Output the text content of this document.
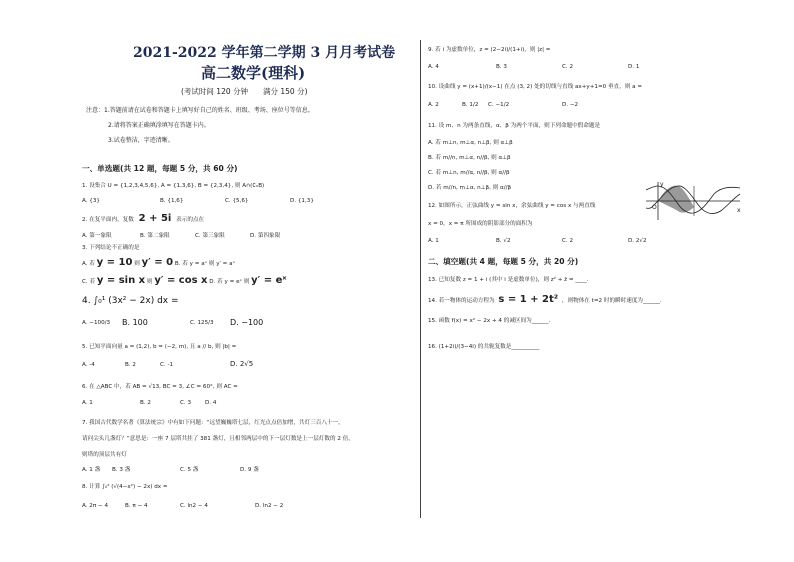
2021-2022 学年第二学期 3 月月考试卷
高二数学(理科)
(考试时间 120 分钟　　满分 150 分)
注意：1.答题前请在试卷和答题卡上填写好自己的姓名、班级、考场、座位号等信息。
2.请将答案正确填涂填写在答题卡内。
3.试卷整洁，字迹清晰。
一、单选题(共 12 题，每题 5 分，共 60 分)
1. 设集合 U = {1,2,3,4,5,6}, A = {1,3,6}, B = {2,3,4}, 则 A∩(∁ᵤB)
A. {3}	B. {1,6}	C. {5,6}	D. {1,3}
2. 在复平面内，复数 2 + 5i 表示的点在
A. 第一象限	B. 第二象限	C. 第三象限	D. 第四象限
3. 下列结论不正确的是
A. 若 y = 10 则 y′ = 0 B. 若 y = aˣ 则 y′ = aˣ
C. 若 y = sin x 则 y′ = cos x D. 若 y = eˣ 则 y′ = eˣ
4. ∫₀¹ (3x² − 2x) dx =
A. −100/3 B. 100	C. 125/3 D. −100
5. 已知平面向量 a = (1,2), b = (−2, m), 且 a // b, 则 |b| =
A. -4	B. 2	C. -1	D. 2√5
6. 在 △ABC 中，若 AB = √13, BC = 3, ∠C = 60°, 则 AC =
A. 1	B. 2	C. 3 D. 4
7. 我国古代数学名著《算法统宗》中有如下问题：“远望巍巍塔七层，红光点点倍加增，共灯三百八十一，
请问尖头几盏灯？”意思是：一座 7 层塔共挂了 381 盏灯，且相邻两层中的下一层灯数是上一层灯数的 2 倍，
则塔的顶层共有灯
A. 1 盏 B. 3 盏	C. 5 盏	D. 9 盏
8. 计算 ∫₀² (√(4−x²) − 2x) dx =
A. 2π − 4	B. π − 4	C. ln2 − 4	D. ln2 − 2
9. 若 i 为虚数单位，z = (2−2i)/(1+i)，则 |z| =
A. 4	B. 3	C. 2	D. 1
10. 设曲线 y = (x+1)/(x−1) 在点 (3, 2) 处的切线与直线 ax+y+1=0 垂直，则 a =
A. 2	B. 1/2 C. −1/2	D. −2
11. 设 m、n 为两条直线，α、β 为两个平面，则下列命题中假命题是
A. 若 m⊥n, m⊥α, n⊥β, 则 α⊥β
B. 若 m//n, m⊥α, n//β, 则 α⊥β
C. 若 m⊥n, m//α, n//β, 则 α//β
D. 若 m//n, m⊥α, n⊥β, 则 α//β
12. 如图所示，正弦曲线 y = sin x，余弦曲线 y = cos x 与两直线
x = 0，x = π 所围成的阴影部分的面积为
A. 1	B. √2	C. 2	D. 2√2
O	x
y
二、填空题(共 4 题，每题 5 分，共 20 分)
13. 已知复数 z = 1 + i (其中 i 是虚数单位)，则 z² + z̄ = ____.
14. 若一物体的运动方程为 s = 1 + 2t² ，则物体在 t=2 时的瞬时速度为______.
15. 函数 f(x) = x² − 2x + 4 的减区间为______.
16. (1+2i)/(3−4i) 的共轭复数是__________
